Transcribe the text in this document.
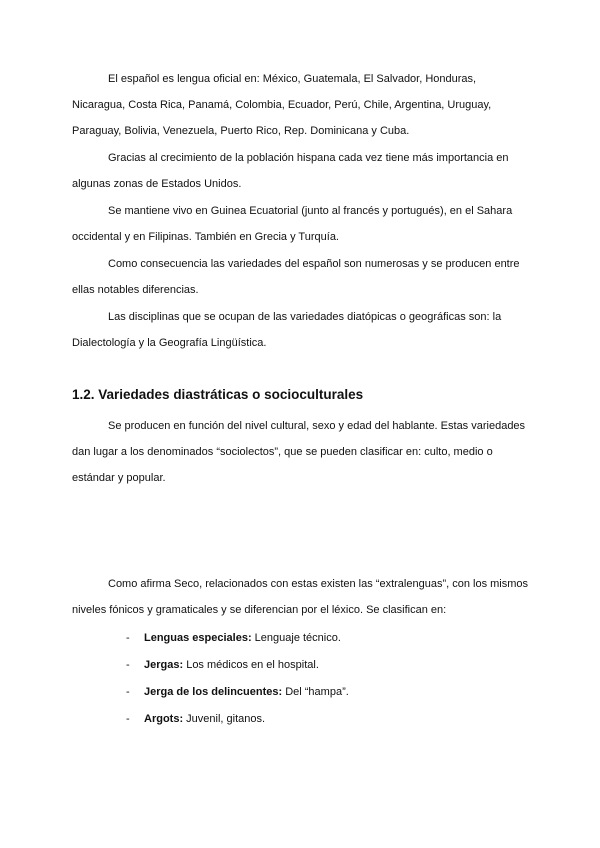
El español es lengua oficial en: México, Guatemala, El Salvador, Honduras, Nicaragua, Costa Rica, Panamá, Colombia, Ecuador, Perú, Chile, Argentina, Uruguay, Paraguay, Bolivia, Venezuela, Puerto Rico, Rep. Dominicana y Cuba.

Gracias al crecimiento de la población hispana cada vez tiene más importancia en algunas zonas de Estados Unidos.

Se mantiene vivo en Guinea Ecuatorial (junto al francés y portugués), en el Sahara occidental y en Filipinas. También en Grecia y Turquía.

Como consecuencia las variedades del español son numerosas y se producen entre ellas notables diferencias.

Las disciplinas que se ocupan de las variedades diatópicas o geográficas son: la Dialectología y la Geografía Lingüística.

1.2. Variedades diastráticas o socioculturales

Se producen en función del nivel cultural, sexo y edad del hablante. Estas variedades dan lugar a los denominados “sociolectos”, que se pueden clasificar en: culto, medio o estándar y popular.

Como afirma Seco, relacionados con estas existen las “extralenguas”, con los mismos niveles fónicos y gramaticales y se diferencian por el léxico. Se clasifican en:

- Lenguas especiales: Lenguaje técnico.
- Jergas: Los médicos en el hospital.
- Jerga de los delincuentes: Del “hampa”.
- Argots: Juvenil, gitanos.
